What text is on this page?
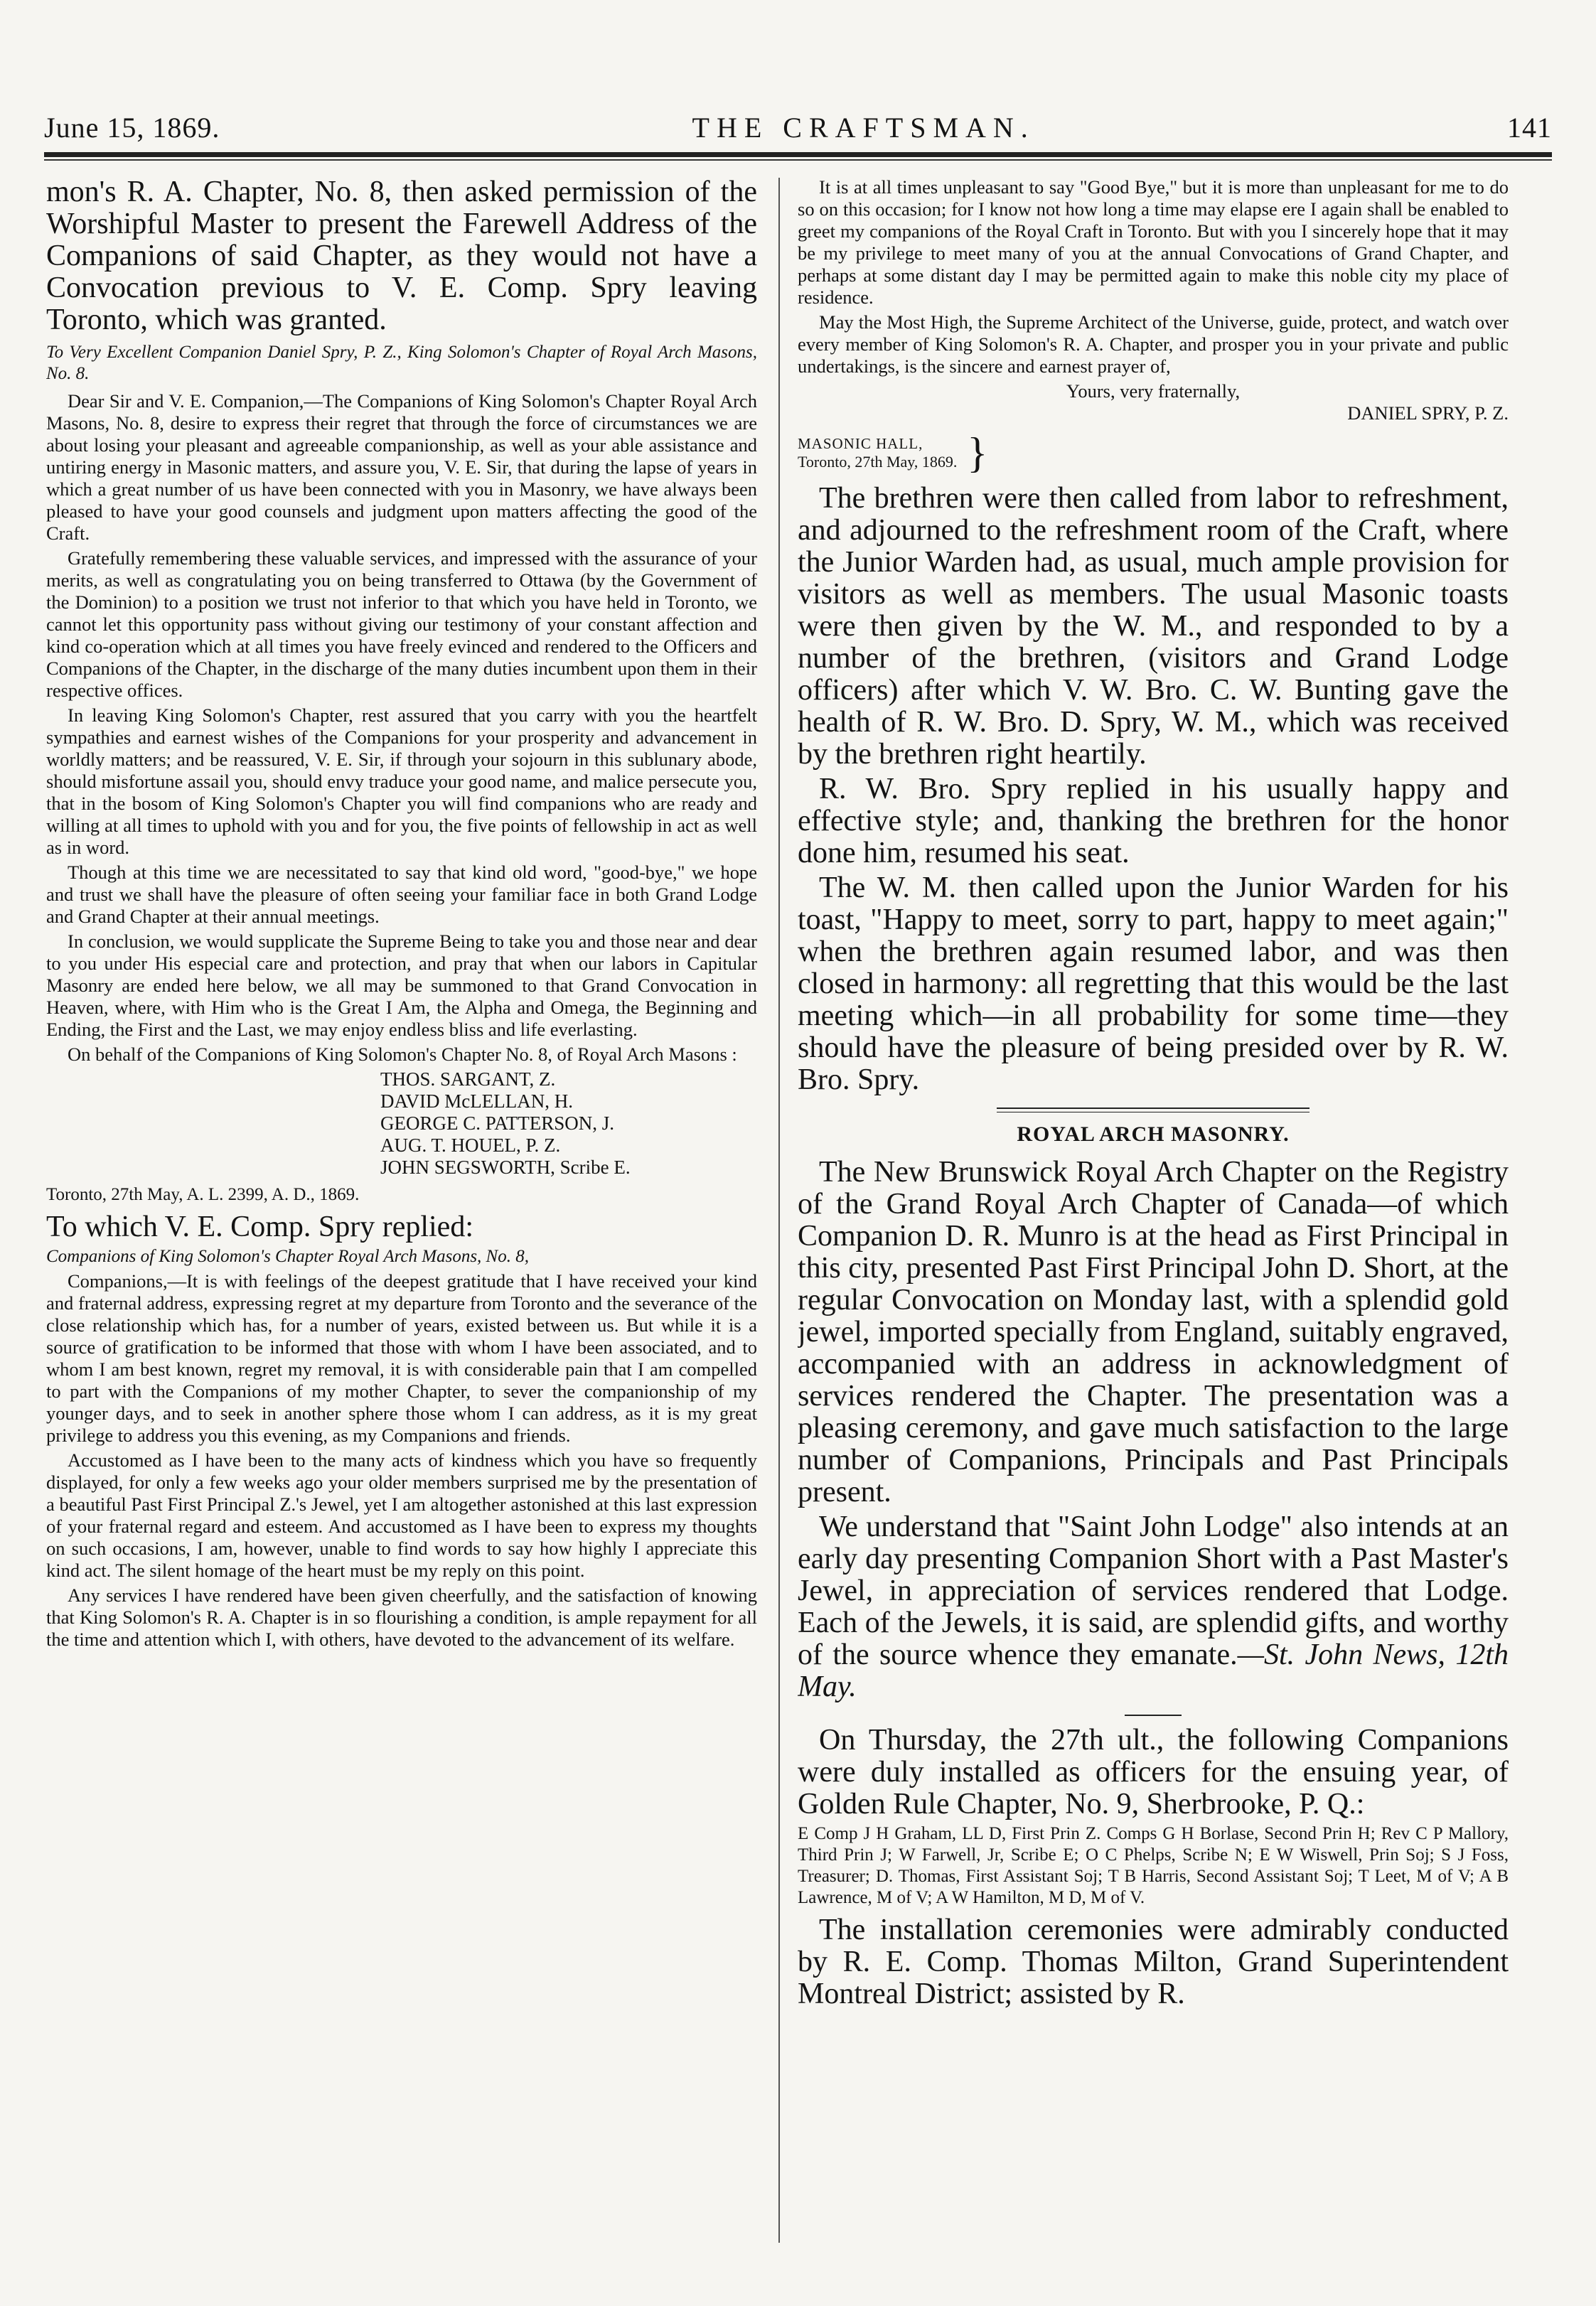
June 15, 1869.	THE CRAFTSMAN.	141

mon's R. A. Chapter, No. 8, then asked permission of the Worshipful Master to present the Farewell Address of the Companions of said Chapter, as they would not have a Convocation previous to V. E. Comp. Spry leaving Toronto, which was granted.

To Very Excellent Companion Daniel Spry, P. Z., King Solomon's Chapter of Royal Arch Masons, No. 8.

Dear Sir and V. E. Companion,—The Companions of King Solomon's Chapter Royal Arch Masons, No. 8, desire to express their regret that through the force of circumstances we are about losing your pleasant and agreeable companionship, as well as your able assistance and untiring energy in Masonic matters, and assure you, V. E. Sir, that during the lapse of years in which a great number of us have been connected with you in Masonry, we have always been pleased to have your good counsels and judgment upon matters affecting the good of the Craft.

Gratefully remembering these valuable services, and impressed with the assurance of your merits, as well as congratulating you on being transferred to Ottawa (by the Government of the Dominion) to a position we trust not inferior to that which you have held in Toronto, we cannot let this opportunity pass without giving our testimony of your constant affection and kind co-operation which at all times you have freely evinced and rendered to the Officers and Companions of the Chapter, in the discharge of the many duties incumbent upon them in their respective offices.

In leaving King Solomon's Chapter, rest assured that you carry with you the heartfelt sympathies and earnest wishes of the Companions for your prosperity and advancement in worldly matters; and be reassured, V. E. Sir, if through your sojourn in this sublunary abode, should misfortune assail you, should envy traduce your good name, and malice persecute you, that in the bosom of King Solomon's Chapter you will find companions who are ready and willing at all times to uphold with you and for you, the five points of fellowship in act as well as in word.

Though at this time we are necessitated to say that kind old word, "good-bye," we hope and trust we shall have the pleasure of often seeing your familiar face in both Grand Lodge and Grand Chapter at their annual meetings.

In conclusion, we would supplicate the Supreme Being to take you and those near and dear to you under His especial care and protection, and pray that when our labors in Capitular Masonry are ended here below, we all may be summoned to that Grand Convocation in Heaven, where, with Him who is the Great I Am, the Alpha and Omega, the Beginning and Ending, the First and the Last, we may enjoy endless bliss and life everlasting.

On behalf of the Companions of King Solomon's Chapter No. 8, of Royal Arch Masons :

THOS. SARGANT, Z.
DAVID McLELLAN, H.
GEORGE C. PATTERSON, J.
AUG. T. HOUEL, P. Z.
JOHN SEGSWORTH, Scribe E.

Toronto, 27th May, A. L. 2399, A. D., 1869.

To which V. E. Comp. Spry replied:

Companions of King Solomon's Chapter Royal Arch Masons, No. 8,

Companions,—It is with feelings of the deepest gratitude that I have received your kind and fraternal address, expressing regret at my departure from Toronto and the severance of the close relationship which has, for a number of years, existed between us. But while it is a source of gratification to be informed that those with whom I have been associated, and to whom I am best known, regret my removal, it is with considerable pain that I am compelled to part with the Companions of my mother Chapter, to sever the companionship of my younger days, and to seek in another sphere those whom I can address, as it is my great privilege to address you this evening, as my Companions and friends.

Accustomed as I have been to the many acts of kindness which you have so frequently displayed, for only a few weeks ago your older members surprised me by the presentation of a beautiful Past First Principal Z.'s Jewel, yet I am altogether astonished at this last expression of your fraternal regard and esteem. And accustomed as I have been to express my thoughts on such occasions, I am, however, unable to find words to say how highly I appreciate this kind act. The silent homage of the heart must be my reply on this point.

Any services I have rendered have been given cheerfully, and the satisfaction of knowing that King Solomon's R. A. Chapter is in so flourishing a condition, is ample repayment for all the time and attention which I, with others, have devoted to the advancement of its welfare.

It is at all times unpleasant to say "Good Bye," but it is more than unpleasant for me to do so on this occasion; for I know not how long a time may elapse ere I again shall be enabled to greet my companions of the Royal Craft in Toronto. But with you I sincerely hope that it may be my privilege to meet many of you at the annual Convocations of Grand Chapter, and perhaps at some distant day I may be permitted again to make this noble city my place of residence.

May the Most High, the Supreme Architect of the Universe, guide, protect, and watch over every member of King Solomon's R. A. Chapter, and prosper you in your private and public undertakings, is the sincere and earnest prayer of,

Yours, very fraternally,

DANIEL SPRY, P. Z.

MASONIC HALL,
Toronto, 27th May, 1869. }

The brethren were then called from labor to refreshment, and adjourned to the refreshment room of the Craft, where the Junior Warden had, as usual, much ample provision for visitors as well as members. The usual Masonic toasts were then given by the W. M., and responded to by a number of the brethren, (visitors and Grand Lodge officers) after which V. W. Bro. C. W. Bunting gave the health of R. W. Bro. D. Spry, W. M., which was received by the brethren right heartily.

R. W. Bro. Spry replied in his usually happy and effective style; and, thanking the brethren for the honor done him, resumed his seat.

The W. M. then called upon the Junior Warden for his toast, "Happy to meet, sorry to part, happy to meet again;" when the brethren again resumed labor, and was then closed in harmony: all regretting that this would be the last meeting which—in all probability for some time—they should have the pleasure of being presided over by R. W. Bro. Spry.

ROYAL ARCH MASONRY.

The New Brunswick Royal Arch Chapter on the Registry of the Grand Royal Arch Chapter of Canada—of which Companion D. R. Munro is at the head as First Principal in this city, presented Past First Principal John D. Short, at the regular Convocation on Monday last, with a splendid gold jewel, imported specially from England, suitably engraved, accompanied with an address in acknowledgment of services rendered the Chapter. The presentation was a pleasing ceremony, and gave much satisfaction to the large number of Companions, Principals and Past Principals present.

We understand that "Saint John Lodge" also intends at an early day presenting Companion Short with a Past Master's Jewel, in appreciation of services rendered that Lodge. Each of the Jewels, it is said, are splendid gifts, and worthy of the source whence they emanate.—St. John News, 12th May.

On Thursday, the 27th ult., the following Companions were duly installed as officers for the ensuing year, of Golden Rule Chapter, No. 9, Sherbrooke, P. Q.:

E Comp J H Graham, LL D, First Prin Z. Comps G H Borlase, Second Prin H; Rev C P Mallory, Third Prin J; W Farwell, Jr, Scribe E; O C Phelps, Scribe N; E W Wiswell, Prin Soj; S J Foss, Treasurer; D. Thomas, First Assistant Soj; T B Harris, Second Assistant Soj; T Leet, M of V; A B Lawrence, M of V; A W Hamilton, M D, M of V.

The installation ceremonies were admirably conducted by R. E. Comp. Thomas Milton, Grand Superintendent Montreal District; assisted by R.
